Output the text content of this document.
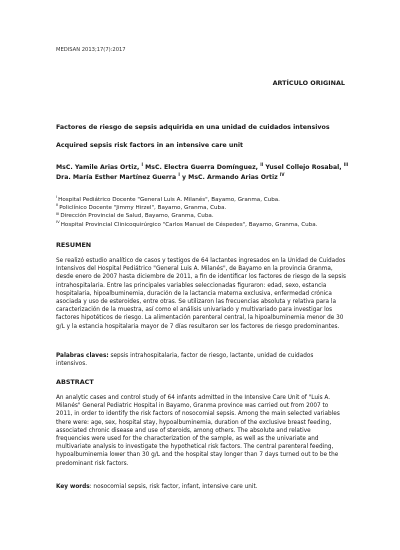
MEDISAN 2013;17(7):2017
ARTÍCULO ORIGINAL
Factores de riesgo de sepsis adquirida en una unidad de cuidados intensivos
Acquired sepsis risk factors in an intensive care unit
MsC. Yamile Arias Ortiz, $^I$ MsC. Electra Guerra Domínguez, $^{II}$ Yusel Collejo Rosabal, $^{III}$ Dra. María Esther Martínez Guerra $^I$ y MsC. Armando Arias Ortiz $^{IV}$
$^I$Hospital Pediátrico Docente "General Luis A. Milanés", Bayamo, Granma, Cuba.
$^{II}$Policlínico Docente "Jimmy Hirzel", Bayamo, Granma, Cuba.
$^{III}$Dirección Provincial de Salud, Bayamo, Granma, Cuba.
$^{IV}$Hospital Provincial Clinicoquirúrgico "Carlos Manuel de Céspedes", Bayamo, Granma, Cuba.
RESUMEN
Se realizó estudio analítico de casos y testigos de 64 lactantes ingresados en la Unidad de Cuidados Intensivos del Hospital Pediátrico "General Luis A. Milanés", de Bayamo en la provincia Granma, desde enero de 2007 hasta diciembre de 2011, a fin de identificar los factores de riesgo de la sepsis intrahospitalaria. Entre las principales variables seleccionadas figuraron: edad, sexo, estancia hospitalaria, hipoalbuminemia, duración de la lactancia materna exclusiva, enfermedad crónica asociada y uso de esteroides, entre otras. Se utilizaron las frecuencias absoluta y relativa para la caracterización de la muestra, así como el análisis univariado y multivariado para investigar los factores hipotéticos de riesgo. La alimentación parenteral central, la hipoalbuminemia menor de 30 g/L y la estancia hospitalaria mayor de 7 días resultaron ser los factores de riesgo predominantes.
Palabras claves: sepsis intrahospitalaria, factor de riesgo, lactante, unidad de cuidados intensivos.
ABSTRACT
An analytic cases and control study of 64 infants admitted in the Intensive Care Unit of "Luis A. Milanés" General Pediatric Hospital in Bayamo, Granma province was carried out from 2007 to 2011, in order to identify the risk factors of nosocomial sepsis. Among the main selected variables there were: age, sex, hospital stay, hypoalbuminemia, duration of the exclusive breast feeding, associated chronic disease and use of steroids, among others. The absolute and relative frequencies were used for the characterization of the sample, as well as the univariate and multivariate analysis to investigate the hypothetical risk factors. The central parenteral feeding, hypoalbuminemia lower than 30 g/L and the hospital stay longer than 7 days turned out to be the predominant risk factors.
Key words: nosocomial sepsis, risk factor, infant, intensive care unit.
